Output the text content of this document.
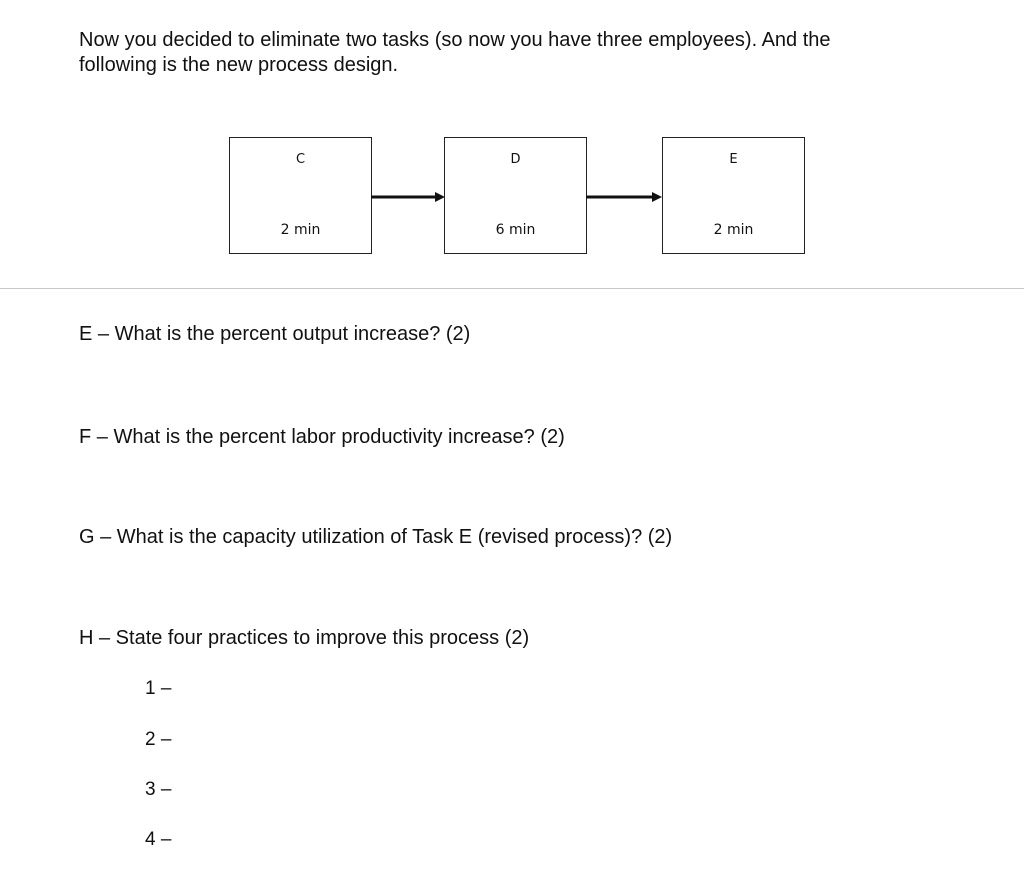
Now you decided to eliminate two tasks (so now you have three employees). And the
following is the new process design.

C
2 min
D
6 min
E
2 min

E – What is the percent output increase? (2)

F – What is the percent labor productivity increase? (2)

G – What is the capacity utilization of Task E (revised process)? (2)

H – State four practices to improve this process (2)

1 –
2 –
3 –
4 –
